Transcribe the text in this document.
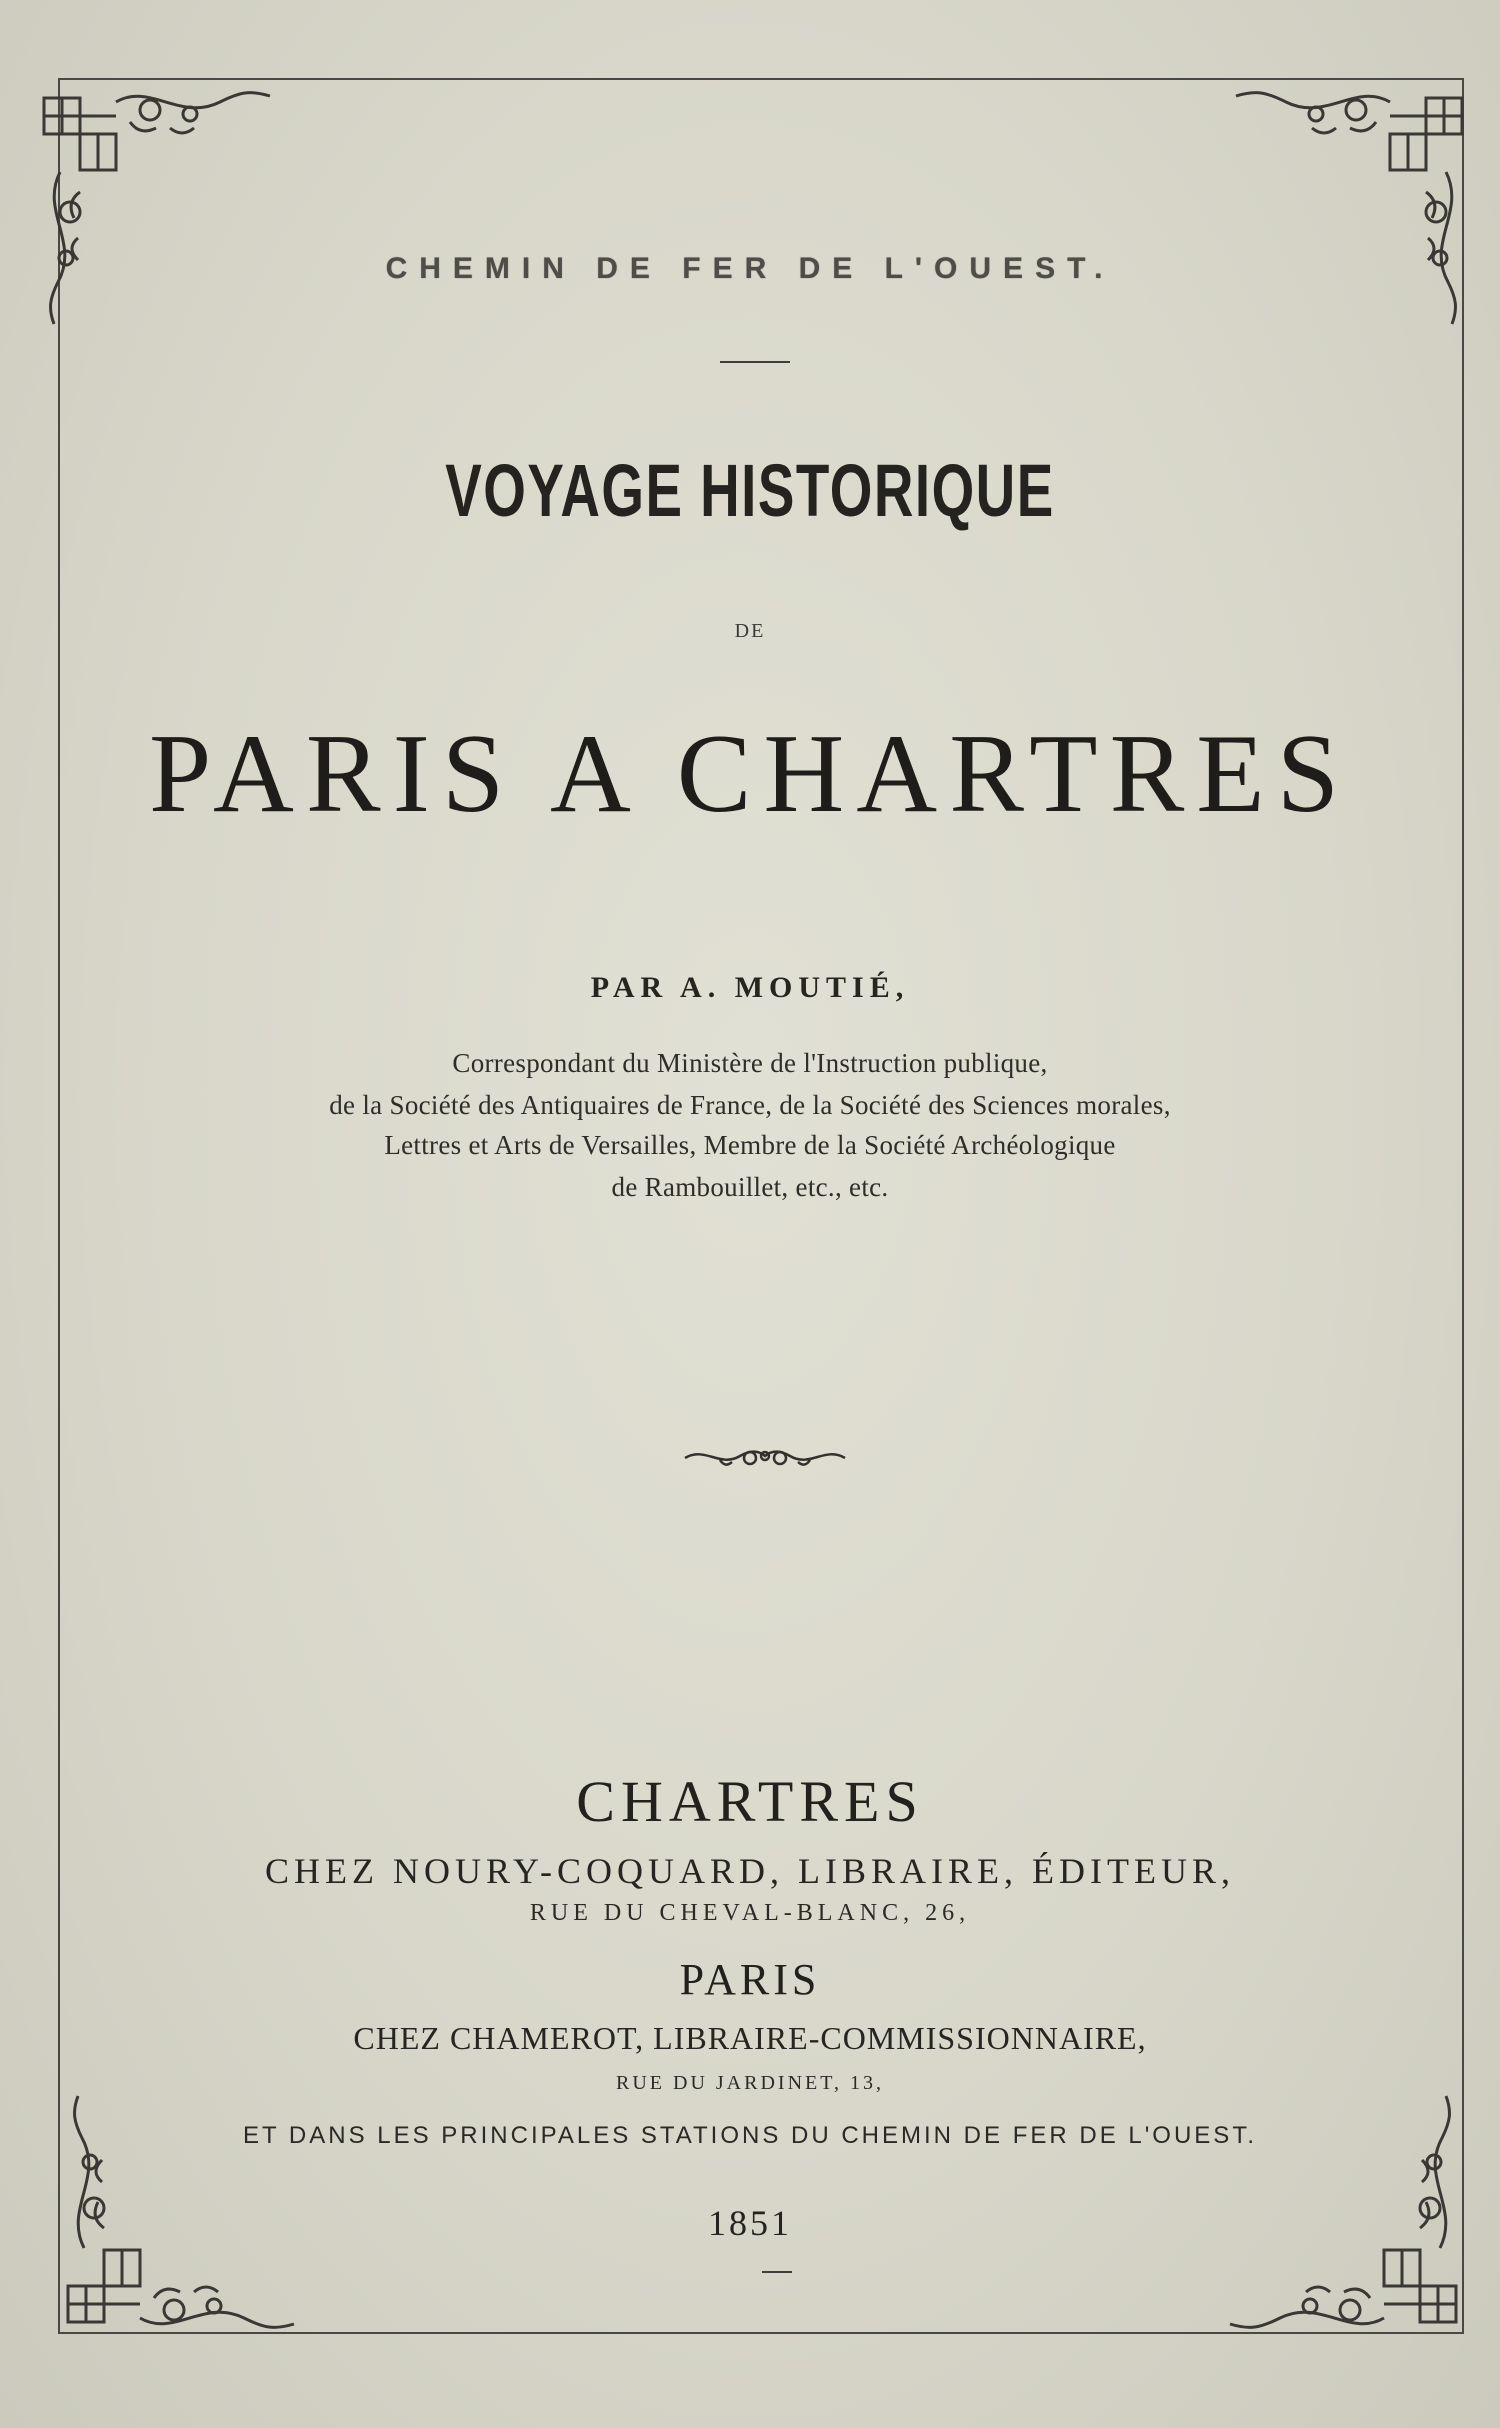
CHEMIN DE FER DE L'OUEST.
VOYAGE HISTORIQUE
DE
PARIS A CHARTRES
PAR A. MOUTIÉ,
Correspondant du Ministère de l'Instruction publique,
de la Société des Antiquaires de France, de la Société des Sciences morales,
Lettres et Arts de Versailles, Membre de la Société Archéologique
de Rambouillet, etc., etc.
CHARTRES
CHEZ NOURY-COQUARD, LIBRAIRE, ÉDITEUR,
RUE DU CHEVAL-BLANC, 26,
PARIS
CHEZ CHAMEROT, LIBRAIRE-COMMISSIONNAIRE,
RUE DU JARDINET, 13,
ET DANS LES PRINCIPALES STATIONS DU CHEMIN DE FER DE L'OUEST.
1851
